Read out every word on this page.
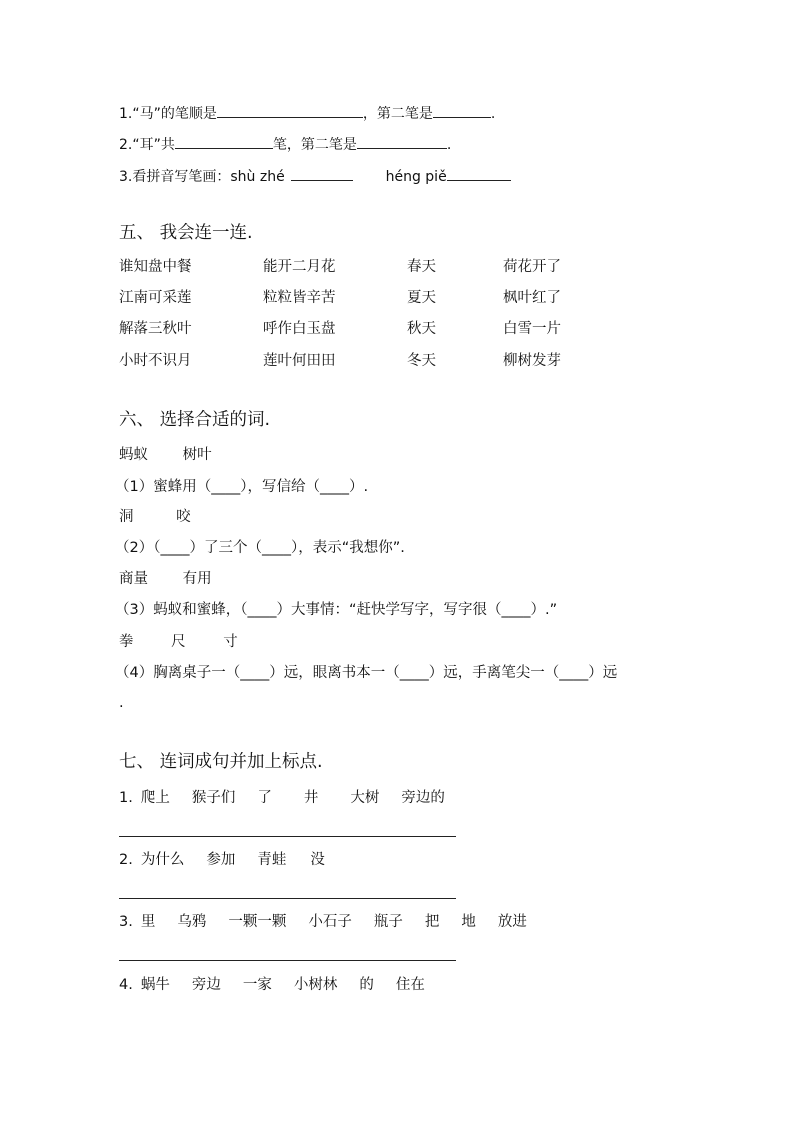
1.“马”的笔顺是	，第二笔是	.
2.“耳”共	笔，第二笔是	.
3.看拼音写笔画：shù zhé	héng piě
五、 我会连一连.
谁知盘中餐	能开二月花	春天	荷花开了
江南可采莲	粒粒皆辛苦	夏天	枫叶红了
解落三秋叶	呼作白玉盘	秋天	白雪一片
小时不识月	莲叶何田田	冬天	柳树发芽
六、 选择合适的词.
蚂蚁 树叶
（1）蜜蜂用（____），写信给（____）.
洞	咬
（2）（____）了三个（____），表示“我想你”.
商量 有用
（3）蚂蚁和蜜蜂，（____）大事情：“赶快学写字，写字很（____）.”
拳	尺	寸
（4）胸离桌子一（____）远，眼离书本一（____）远，手离笔尖一（____）远
.
七、 连词成句并加上标点.
1. 爬上 猴子们 了 井 大树 旁边的
2. 为什么 参加 青蛙 没
3. 里 乌鸦 一颗一颗 小石子 瓶子 把 地 放进
4. 蜗牛 旁边 一家 小树林 的 住在
